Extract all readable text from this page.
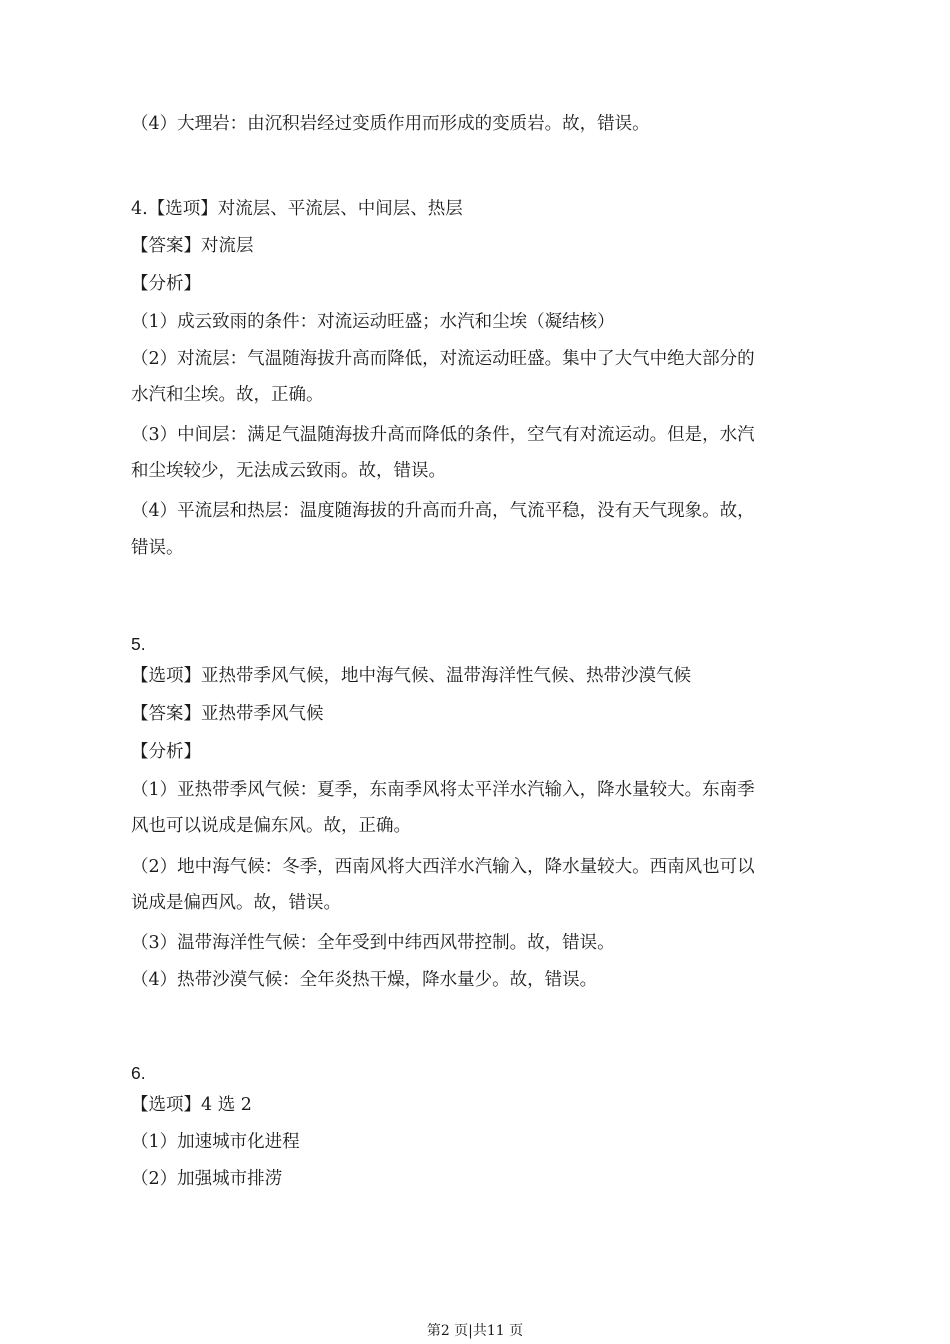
（4）大理岩：由沉积岩经过变质作用而形成的变质岩。故，错误。
4.【选项】对流层、平流层、中间层、热层
【答案】对流层
【分析】
（1）成云致雨的条件：对流运动旺盛；水汽和尘埃（凝结核）
（2）对流层：气温随海拔升高而降低，对流运动旺盛。集中了大气中绝大部分的
水汽和尘埃。故，正确。
（3）中间层：满足气温随海拔升高而降低的条件，空气有对流运动。但是，水汽
和尘埃较少，无法成云致雨。故，错误。
（4）平流层和热层：温度随海拔的升高而升高，气流平稳，没有天气现象。故，
错误。
5.
【选项】亚热带季风气候，地中海气候、温带海洋性气候、热带沙漠气候
【答案】亚热带季风气候
【分析】
（1）亚热带季风气候：夏季，东南季风将太平洋水汽输入，降水量较大。东南季
风也可以说成是偏东风。故，正确。
（2）地中海气候：冬季，西南风将大西洋水汽输入，降水量较大。西南风也可以
说成是偏西风。故，错误。
（3）温带海洋性气候：全年受到中纬西风带控制。故，错误。
（4）热带沙漠气候：全年炎热干燥，降水量少。故，错误。
6.
【选项】4 选 2
（1）加速城市化进程
（2）加强城市排涝
第2 页|共11 页
